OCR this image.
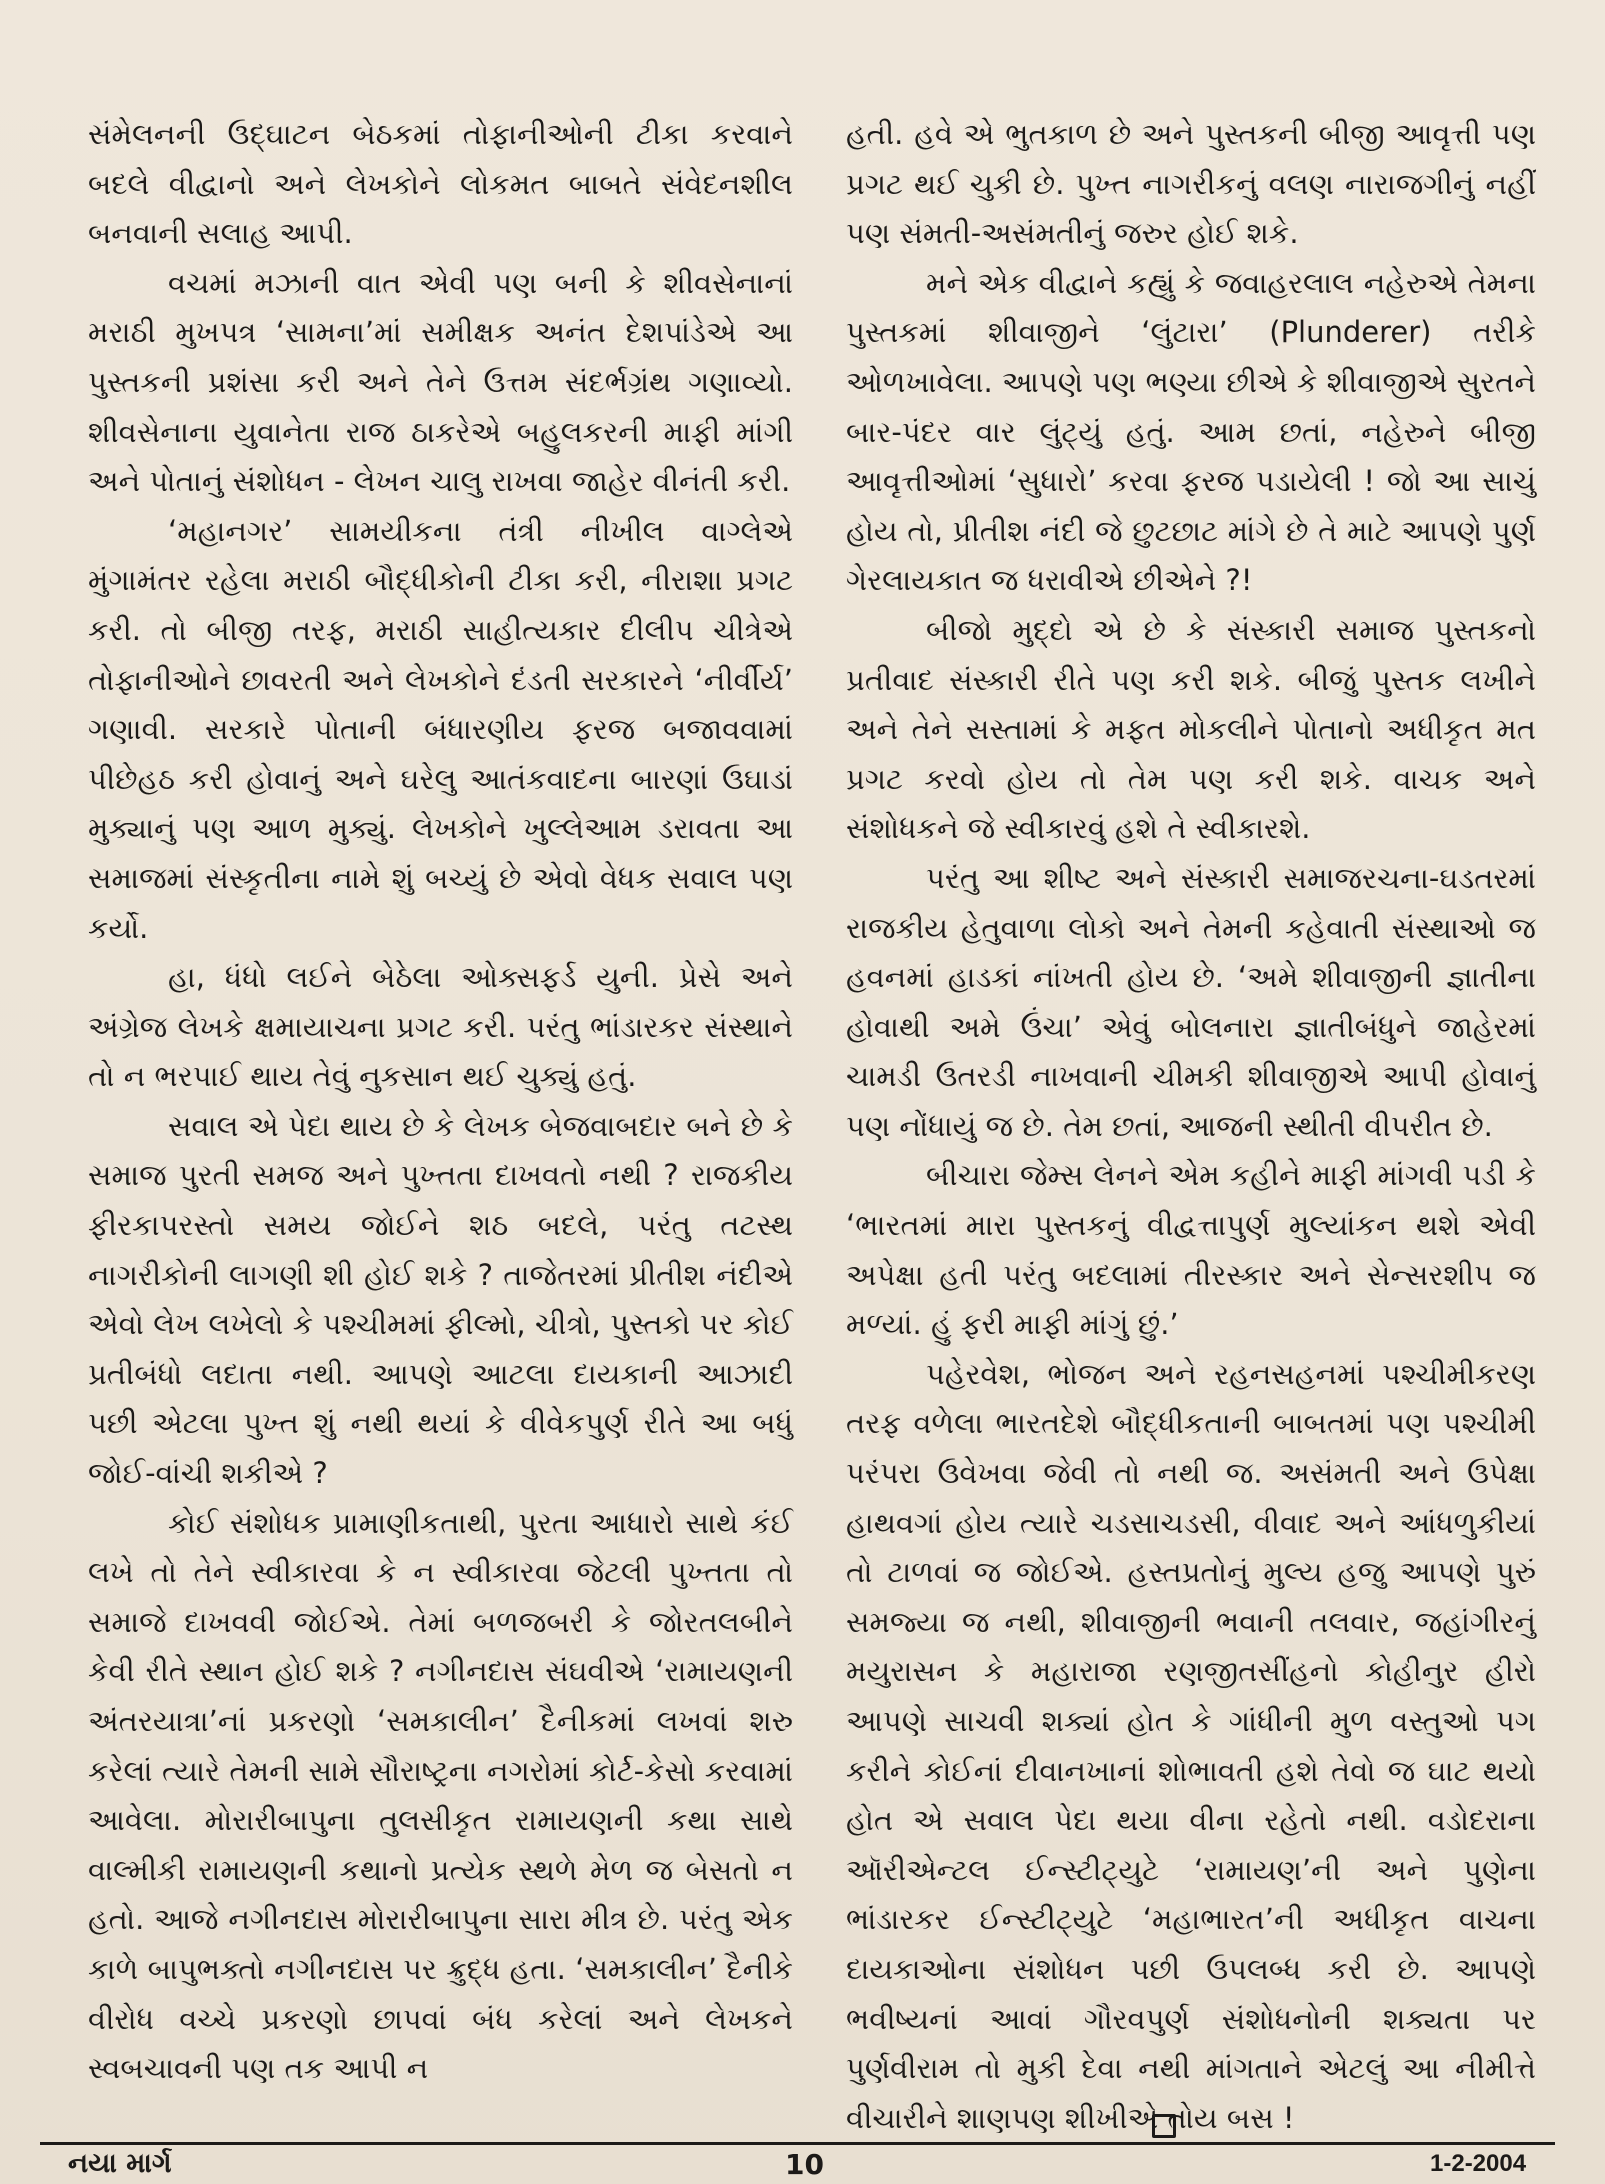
સંમેલનની ઉદ્ઘાટન બેઠકમાં તોફાનીઓની ટીકા કરવાને બદલે વીદ્વાનો અને લેખકોને લોકમત બાબતે સંવેદનશીલ બનવાની સલાહ આપી.

વચમાં મઝાની વાત એવી પણ બની કે શીવસેનાનાં મરાઠી મુખપત્ર ‘સામના’માં સમીક્ષક અનંત દેશપાંડેએ આ પુસ્તકની પ્રશંસા કરી અને તેને ઉત્તમ સંદર્ભગ્રંથ ગણાવ્યો. શીવસેનાના યુવાનેતા રાજ ઠાકરેએ બહુલકરની માફી માંગી અને પોતાનું સંશોધન - લેખન ચાલુ રાખવા જાહેર વીનંતી કરી.

‘મહાનગર’ સામયીકના તંત્રી નીખીલ વાગ્લેએ મુંગામંતર રહેલા મરાઠી બૌદ્ધીકોની ટીકા કરી, નીરાશા પ્રગટ કરી. તો બીજી તરફ, મરાઠી સાહીત્યકાર દીલીપ ચીત્રેએ તોફાનીઓને છાવરતી અને લેખકોને દંડતી સરકારને ‘નીર્વીર્ય’ ગણાવી. સરકારે પોતાની બંધારણીય ફરજ બજાવવામાં પીછેહઠ કરી હોવાનું અને ઘરેલુ આતંકવાદના બારણાં ઉઘાડાં મુક્યાનું પણ આળ મુક્યું. લેખકોને ખુલ્લેઆમ ડરાવતા આ સમાજમાં સંસ્કૃતીના નામે શું બચ્યું છે એવો વેધક સવાલ પણ કર્યો.

હા, ધંધો લઈને બેઠેલા ઓક્સફર્ડ યુની. પ્રેસે અને અંગ્રેજ લેખકે ક્ષમાયાચના પ્રગટ કરી. પરંતુ ભાંડારકર સંસ્થાને તો ન ભરપાઈ થાય તેવું નુકસાન થઈ ચુક્યું હતું.

સવાલ એ પેદા થાય છે કે લેખક બેજવાબદાર બને છે કે સમાજ પુરતી સમજ અને પુખ્તતા દાખવતો નથી ? રાજકીય ફીરકાપરસ્તો સમય જોઈને શઠ બદલે, પરંતુ તટસ્થ નાગરીકોની લાગણી શી હોઈ શકે ? તાજેતરમાં પ્રીતીશ નંદીએ એવો લેખ લખેલો કે પશ્ચીમમાં ફીલ્મો, ચીત્રો, પુસ્તકો પર કોઈ પ્રતીબંધો લદાતા નથી. આપણે આટલા દાયકાની આઝાદી પછી એટલા પુખ્ત શું નથી થયાં કે વીવેકપુર્ણ રીતે આ બધું જોઈ-વાંચી શકીએ ?

કોઈ સંશોધક પ્રામાણીકતાથી, પુરતા આધારો સાથે કંઈ લખે તો તેને સ્વીકારવા કે ન સ્વીકારવા જેટલી પુખ્તતા તો સમાજે દાખવવી જોઈએ. તેમાં બળજબરી કે જોરતલબીને કેવી રીતે સ્થાન હોઈ શકે ? નગીનદાસ સંઘવીએ ‘રામાયણની અંતરયાત્રા’નાં પ્રકરણો ‘સમકાલીન’ દૈનીકમાં લખવાં શરુ કરેલાં ત્યારે તેમની સામે સૌરાષ્ટ્રના નગરોમાં કોર્ટ-કેસો કરવામાં આવેલા. મોરારીબાપુના તુલસીકૃત રામાયણની કથા સાથે વાલ્મીકી રામાયણની કથાનો પ્રત્યેક સ્થળે મેળ જ બેસતો ન હતો. આજે નગીનદાસ મોરારીબાપુના સારા મીત્ર છે. પરંતુ એક કાળે બાપુભક્તો નગીનદાસ પર ક્રુદ્ધ હતા. ‘સમકાલીન’ દૈનીકે વીરોધ વચ્ચે પ્રકરણો છાપવાં બંધ કરેલાં અને લેખકને સ્વબચાવની પણ તક આપી ન

હતી. હવે એ ભુતકાળ છે અને પુસ્તકની બીજી આવૃત્તી પણ પ્રગટ થઈ ચુકી છે. પુખ્ત નાગરીકનું વલણ નારાજગીનું નહીં પણ સંમતી-અસંમતીનું જરુર હોઈ શકે.

મને એક વીદ્વાને કહ્યું કે જવાહરલાલ નહેરુએ તેમના પુસ્તકમાં શીવાજીને ‘લુંટારા’ (Plunderer) તરીકે ઓળખાવેલા. આપણે પણ ભણ્યા છીએ કે શીવાજીએ સુરતને બાર-પંદર વાર લુંટ્યું હતું. આમ છતાં, નહેરુને બીજી આવૃત્તીઓમાં ‘સુધારો’ કરવા ફરજ પડાયેલી ! જો આ સાચું હોય તો, પ્રીતીશ નંદી જે છુટછાટ માંગે છે તે માટે આપણે પુર્ણ ગેરલાયકાત જ ધરાવીએ છીએને ?!

બીજો મુદ્દો એ છે કે સંસ્કારી સમાજ પુસ્તકનો પ્રતીવાદ સંસ્કારી રીતે પણ કરી શકે. બીજું પુસ્તક લખીને અને તેને સસ્તામાં કે મફત મોકલીને પોતાનો અધીકૃત મત પ્રગટ કરવો હોય તો તેમ પણ કરી શકે. વાચક અને સંશોધકને જે સ્વીકારવું હશે તે સ્વીકારશે.

પરંતુ આ શીષ્ટ અને સંસ્કારી સમાજરચના-ઘડતરમાં રાજકીય હેતુવાળા લોકો અને તેમની કહેવાતી સંસ્થાઓ જ હવનમાં હાડકાં નાંખતી હોય છે. ‘અમે શીવાજીની જ્ઞાતીના હોવાથી અમે ઉંચા’ એવું બોલનારા જ્ઞાતીબંધુને જાહેરમાં ચામડી ઉતરડી નાખવાની ચીમકી શીવાજીએ આપી હોવાનું પણ નોંધાયું જ છે. તેમ છતાં, આજની સ્થીતી વીપરીત છે.

બીચારા જેમ્સ લેનને એમ કહીને માફી માંગવી પડી કે ‘ભારતમાં મારા પુસ્તકનું વીદ્વત્તાપુર્ણ મુલ્યાંકન થશે એવી અપેક્ષા હતી પરંતુ બદલામાં તીરસ્કાર અને સેન્સરશીપ જ મળ્યાં. હું ફરી માફી માંગું છું.’

પહેરવેશ, ભોજન અને રહનસહનમાં પશ્ચીમીકરણ તરફ વળેલા ભારતદેશે બૌદ્ધીકતાની બાબતમાં પણ પશ્ચીમી પરંપરા ઉવેખવા જેવી તો નથી જ. અસંમતી અને ઉપેક્ષા હાથવગાં હોય ત્યારે ચડસાચડસી, વીવાદ અને આંધળુકીયાં તો ટાળવાં જ જોઈએ. હસ્તપ્રતોનું મુલ્ય હજુ આપણે પુરું સમજ્યા જ નથી, શીવાજીની ભવાની તલવાર, જહાંગીરનું મયુરાસન કે મહારાજા રણજીતસીંહનો કોહીનુર હીરો આપણે સાચવી શક્યાં હોત કે ગાંધીની મુળ વસ્તુઓ પગ કરીને કોઈનાં દીવાનખાનાં શોભાવતી હશે તેવો જ ઘાટ થયો હોત એ સવાલ પેદા થયા વીના રહેતો નથી. વડોદરાના ઑરીએન્ટલ ઈન્સ્ટીટ્યુટે ‘રામાયણ’ની અને પુણેના ભાંડારકર ઈન્સ્ટીટ્યુટે ‘મહાભારત’ની અધીકૃત વાચના દાયકાઓના સંશોધન પછી ઉપલબ્ધ કરી છે. આપણે ભવીષ્યનાં આવાં ગૌરવપુર્ણ સંશોધનોની શક્યતા પર પુર્ણવીરામ તો મુકી દેવા નથી માંગતાને એટલું આ નીમીત્તે વીચારીને શાણપણ શીખીએ તોય બસ !

નયા માર્ગ	10	1-2-2004
